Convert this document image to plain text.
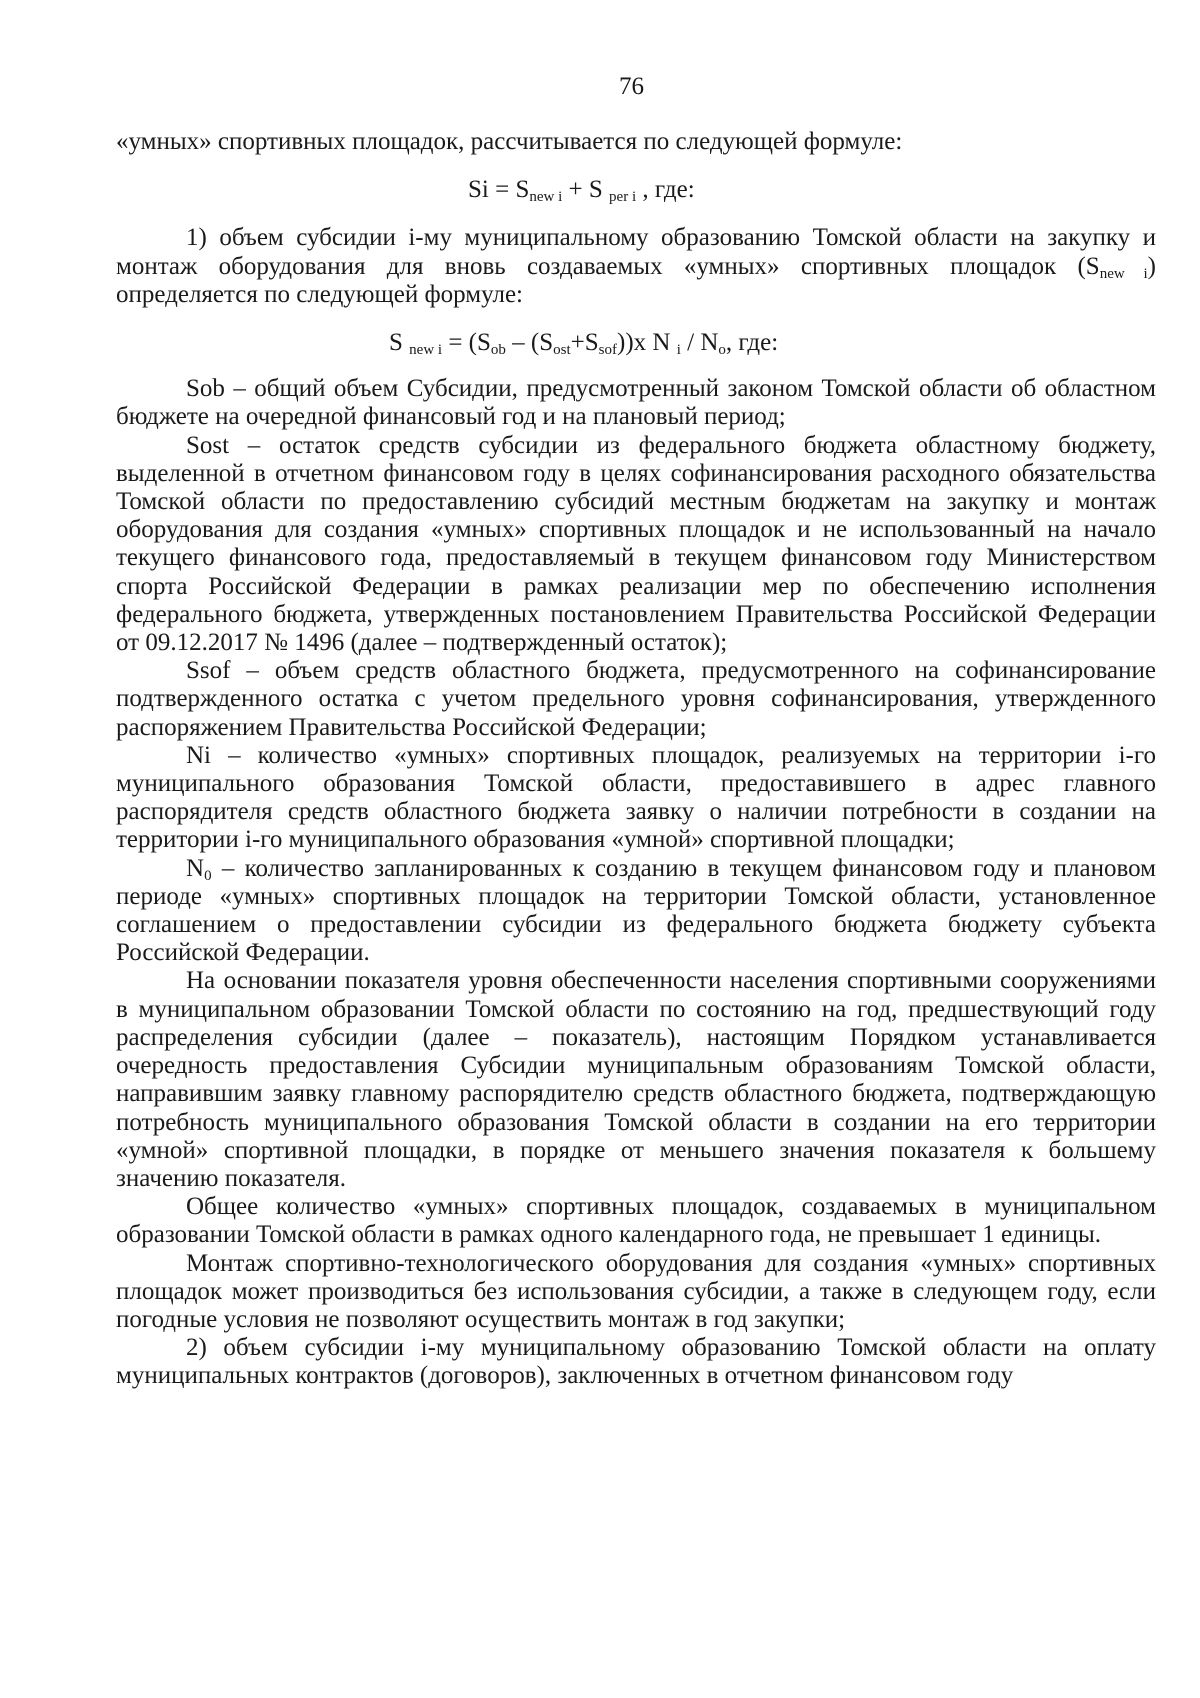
76

«умных» спортивных площадок, рассчитывается по следующей формуле:

$Si = S_{new i} + S$ $_{per i}$ , где:

1) объем субсидии i-му муниципальному образованию Томской области на закупку и монтаж оборудования для вновь создаваемых «умных» спортивных площадок $(S_{new i})$ определяется по следующей формуле:

S $_{new i} = (S_{ob} - (S_{ost}+S_{sof}))x$ N $_i / N_o$, где:

Sob – общий объем Субсидии, предусмотренный законом Томской области об областном бюджете на очередной финансовый год и на плановый период;

Sost – остаток средств субсидии из федерального бюджета областному бюджету, выделенной в отчетном финансовом году в целях софинансирования расходного обязательства Томской области по предоставлению субсидий местным бюджетам на закупку и монтаж оборудования для создания «умных» спортивных площадок и не использованный на начало текущего финансового года, предоставляемый в текущем финансовом году Министерством спорта Российской Федерации в рамках реализации мер по обеспечению исполнения федерального бюджета, утвержденных постановлением Правительства Российской Федерации от 09.12.2017 № 1496 (далее – подтвержденный остаток);

Ssof – объем средств областного бюджета, предусмотренного на софинансирование подтвержденного остатка с учетом предельного уровня софинансирования, утвержденного распоряжением Правительства Российской Федерации;

Ni – количество «умных» спортивных площадок, реализуемых на территории i-го муниципального образования Томской области, предоставившего в адрес главного распорядителя средств областного бюджета заявку о наличии потребности в создании на территории i-го муниципального образования «умной» спортивной площадки;

$N_0$ – количество запланированных к созданию в текущем финансовом году и плановом периоде «умных» спортивных площадок на территории Томской области, установленное соглашением о предоставлении субсидии из федерального бюджета бюджету субъекта Российской Федерации.

На основании показателя уровня обеспеченности населения спортивными сооружениями в муниципальном образовании Томской области по состоянию на год, предшествующий году распределения субсидии (далее – показатель), настоящим Порядком устанавливается очередность предоставления Субсидии муниципальным образованиям Томской области, направившим заявку главному распорядителю средств областного бюджета, подтверждающую потребность муниципального образования Томской области в создании на его территории «умной» спортивной площадки, в порядке от меньшего значения показателя к большему значению показателя.

Общее количество «умных» спортивных площадок, создаваемых в муниципальном образовании Томской области в рамках одного календарного года, не превышает 1 единицы.

Монтаж спортивно-технологического оборудования для создания «умных» спортивных площадок может производиться без использования субсидии, а также в следующем году, если погодные условия не позволяют осуществить монтаж в год закупки;

2) объем субсидии i-му муниципальному образованию Томской области на оплату муниципальных контрактов (договоров), заключенных в отчетном финансовом году
